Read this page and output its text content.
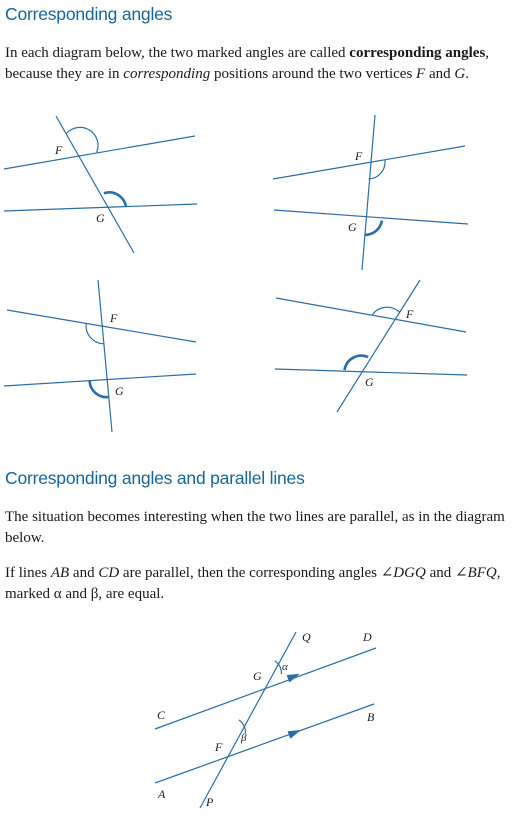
Corresponding angles

In each diagram below, the two marked angles are called corresponding angles, because they are in corresponding positions around the two vertices F and G.

F
G
F
G
F
G
F
G
Corresponding angles and parallel lines

The situation becomes interesting when the two lines are parallel, as in the diagram below.

If lines AB and CD are parallel, then the corresponding angles ∠DGQ and ∠BFQ, marked α and β, are equal.

Q	D
G
α
C	B
F
β
A
P
